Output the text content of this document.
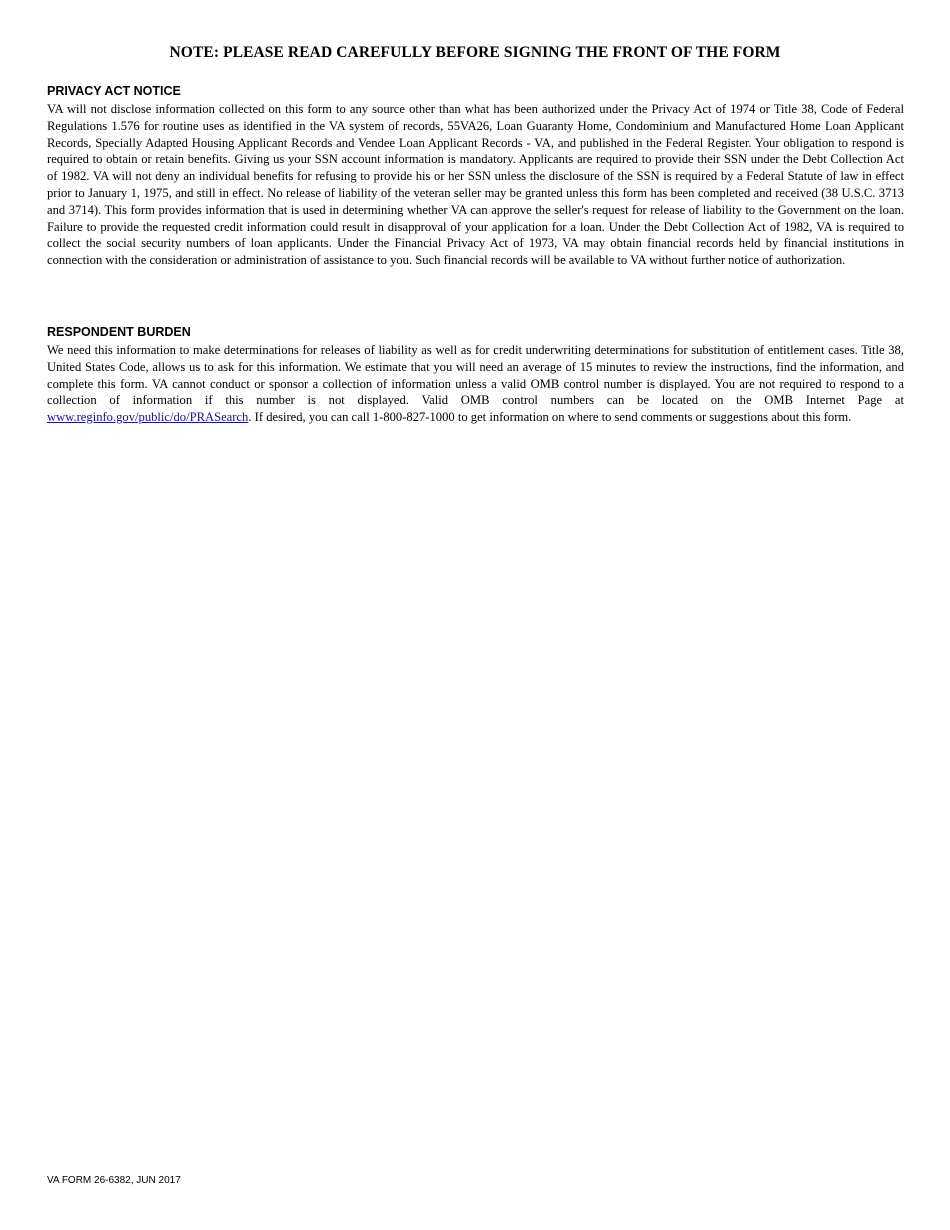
NOTE: PLEASE READ CAREFULLY BEFORE SIGNING THE FRONT OF THE FORM
PRIVACY ACT NOTICE

VA will not disclose information collected on this form to any source other than what has been authorized under the Privacy Act of 1974 or Title 38, Code of Federal Regulations 1.576 for routine uses as identified in the VA system of records, 55VA26, Loan Guaranty Home, Condominium and Manufactured Home Loan Applicant Records, Specially Adapted Housing Applicant Records and Vendee Loan Applicant Records - VA, and published in the Federal Register. Your obligation to respond is required to obtain or retain benefits. Giving us your SSN account information is mandatory. Applicants are required to provide their SSN under the Debt Collection Act of 1982. VA will not deny an individual benefits for refusing to provide his or her SSN unless the disclosure of the SSN is required by a Federal Statute of law in effect prior to January 1, 1975, and still in effect. No release of liability of the veteran seller may be granted unless this form has been completed and received (38 U.S.C. 3713 and 3714). This form provides information that is used in determining whether VA can approve the seller's request for release of liability to the Government on the loan. Failure to provide the requested credit information could result in disapproval of your application for a loan. Under the Debt Collection Act of 1982, VA is required to collect the social security numbers of loan applicants. Under the Financial Privacy Act of 1973, VA may obtain financial records held by financial institutions in connection with the consideration or administration of assistance to you. Such financial records will be available to VA without further notice of authorization.

RESPONDENT BURDEN

We need this information to make determinations for releases of liability as well as for credit underwriting determinations for substitution of entitlement cases. Title 38, United States Code, allows us to ask for this information. We estimate that you will need an average of 15 minutes to review the instructions, find the information, and complete this form. VA cannot conduct or sponsor a collection of information unless a valid OMB control number is displayed. You are not required to respond to a collection of information if this number is not displayed. Valid OMB control numbers can be located on the OMB Internet Page at www.reginfo.gov/public/do/PRASearch. If desired, you can call 1-800-827-1000 to get information on where to send comments or suggestions about this form.

VA FORM 26-6382, JUN 2017
